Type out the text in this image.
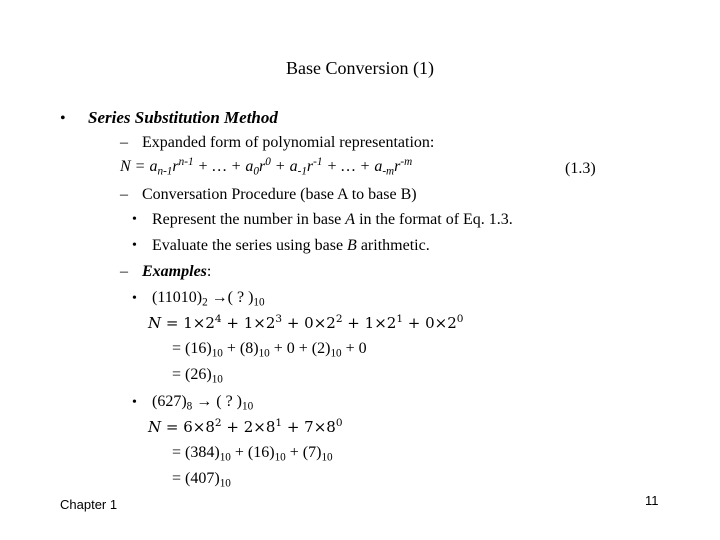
Base Conversion (1)
• Series Substitution Method
– Expanded form of polynomial representation:
$N = a_{n-1}r^{n-1}$ + … + $a_0r^0 + a_{-1}r^{-1}$ + … + $a_{-m}r^{-m}$	(1.3)
– Conversation Procedure (base A to base B)
• Represent the number in base A in the format of Eq. 1.3.
• Evaluate the series using base B arithmetic.
– Examples:
• $(11010)_2$ →( ? )$_{10}$
$N = 1\times 2^4 + 1\times 2^3 + 0\times 2^2 + 1\times 2^1 + 0\times 2^0$
= $(16)_{10} + (8)_{10} + 0 + (2)_{10} + 0$
= $(26)_{10}$
• $(627)_8$ → ( ? )$_{10}$
$N = 6\times 8^2 + 2\times 8^1 + 7\times 8^0$
= $(384)_{10} + (16)_{10} + (7)_{10}$
= $(407)_{10}$
Chapter 1	11
